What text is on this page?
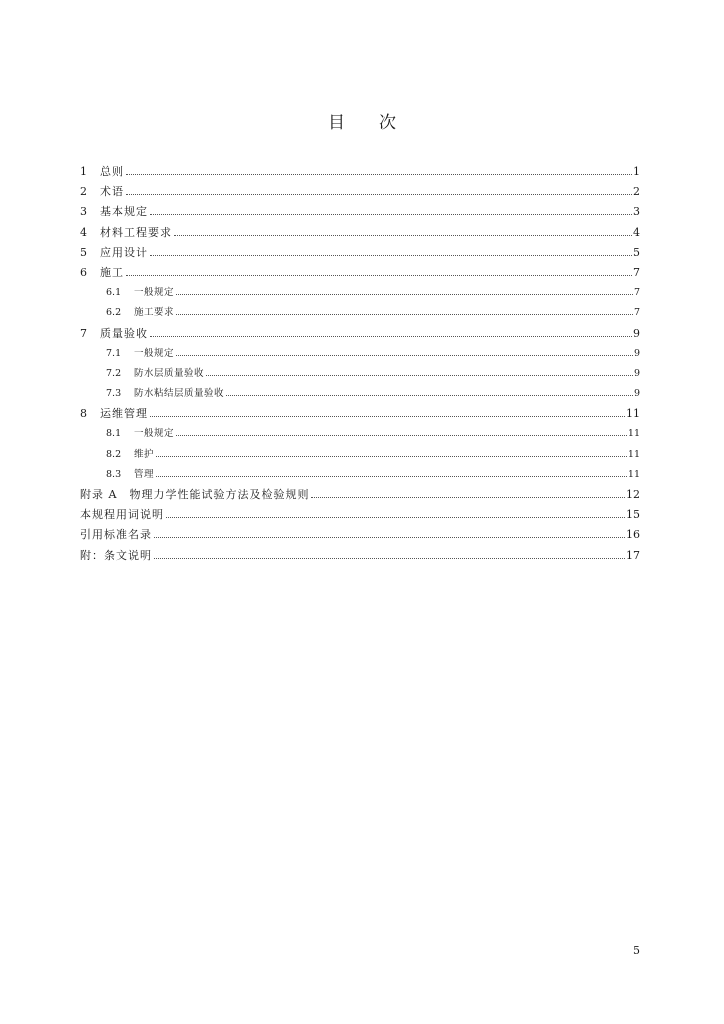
目 次
1	总则	1
2	术语	2
3	基本规定	3
4	材料工程要求	4
5	应用设计	5
6	施工	7
6.1	一般规定	7
6.2	施工要求	7
7	质量验收	9
7.1	一般规定	9
7.2	防水层质量验收	9
7.3	防水粘结层质量验收	9
8	运维管理	11
8.1	一般规定	11
8.2	维护	11
8.3	管理	11
附录 A　物理力学性能试验方法及检验规则	12
本规程用词说明	15
引用标准名录	16
附：条文说明	17
5
